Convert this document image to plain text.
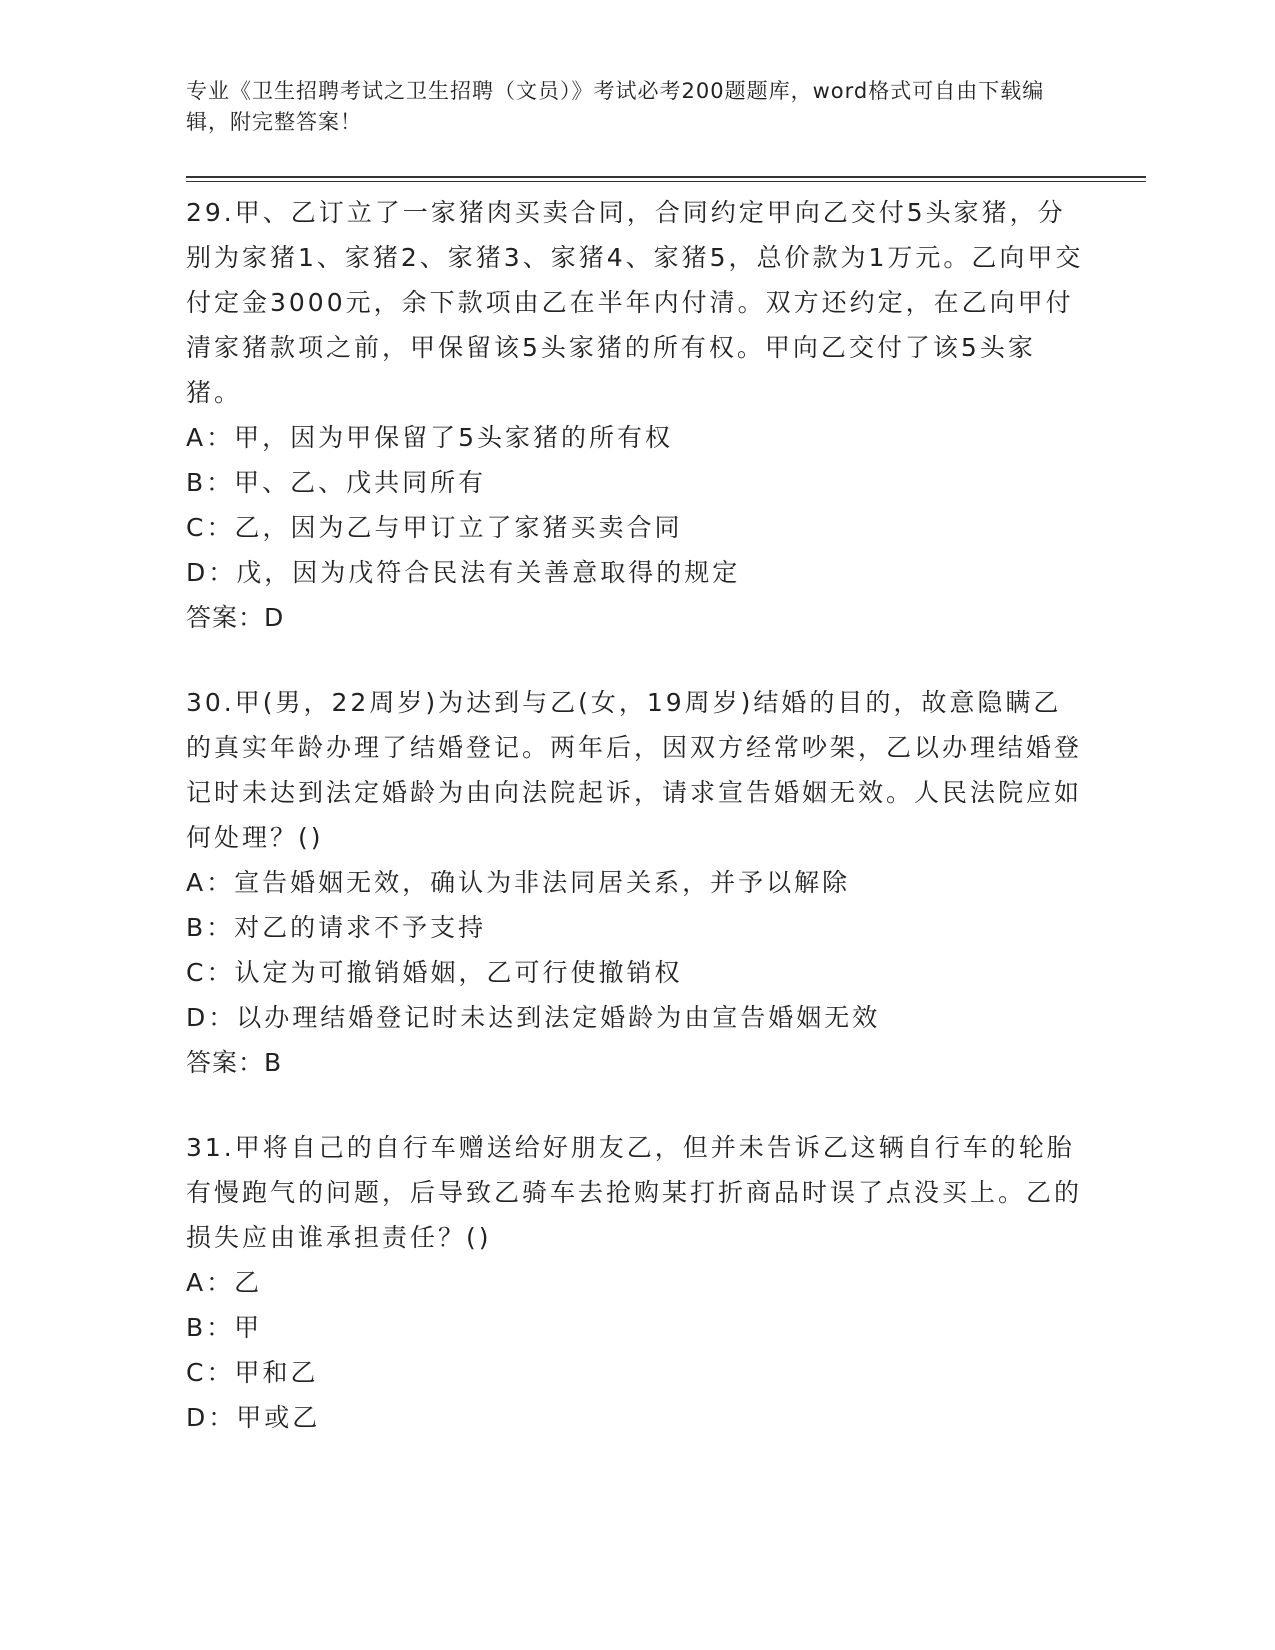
专业《卫生招聘考试之卫生招聘（文员）》考试必考200题题库，word格式可自由下载编辑，附完整答案！

29.甲、乙订立了一家猪肉买卖合同，合同约定甲向乙交付5头家猪，分别为家猪1、家猪2、家猪3、家猪4、家猪5，总价款为1万元。乙向甲交付定金3000元，余下款项由乙在半年内付清。双方还约定，在乙向甲付清家猪款项之前，甲保留该5头家猪的所有权。甲向乙交付了该5头家猪。

A：甲，因为甲保留了5头家猪的所有权

B：甲、乙、戊共同所有

C：乙，因为乙与甲订立了家猪买卖合同

D：戊，因为戊符合民法有关善意取得的规定

答案：D

30.甲(男，22周岁)为达到与乙(女，19周岁)结婚的目的，故意隐瞒乙的真实年龄办理了结婚登记。两年后，因双方经常吵架，乙以办理结婚登记时未达到法定婚龄为由向法院起诉，请求宣告婚姻无效。人民法院应如何处理？()

A：宣告婚姻无效，确认为非法同居关系，并予以解除

B：对乙的请求不予支持

C：认定为可撤销婚姻，乙可行使撤销权

D：以办理结婚登记时未达到法定婚龄为由宣告婚姻无效

答案：B

31.甲将自己的自行车赠送给好朋友乙，但并未告诉乙这辆自行车的轮胎有慢跑气的问题，后导致乙骑车去抢购某打折商品时误了点没买上。乙的损失应由谁承担责任？()

A：乙

B：甲

C：甲和乙

D：甲或乙
